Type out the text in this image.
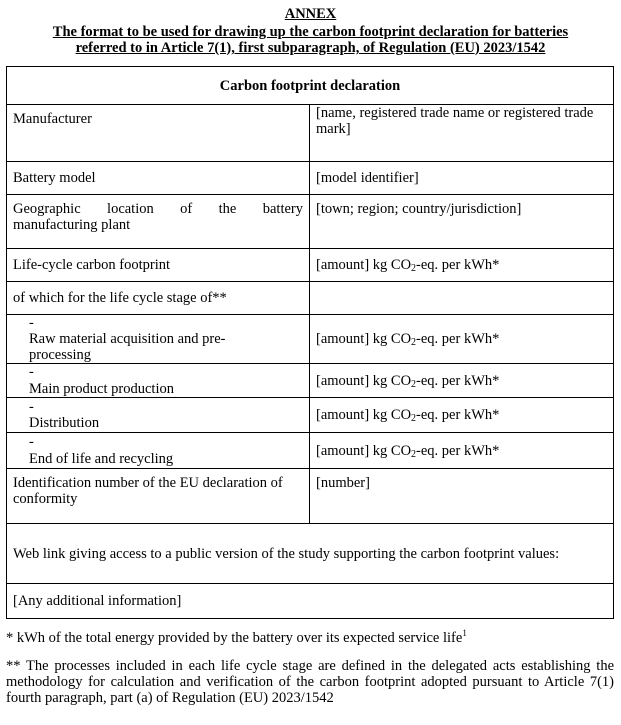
ANNEX
The format to be used for drawing up the carbon footprint declaration for batteries
referred to in Article 7(1), first subparagraph, of Regulation (EU) 2023/1542
Carbon footprint declaration	
Manufacturer	[name, registered trade name or registered trade mark]
Battery model	[model identifier]

Geographic location of the battery
manufacturing plant	[town; region; country/jurisdiction]
Life-cycle carbon footprint	[amount] kg $CO_2-eq$. per kWh*
of which for the life cycle stage of**	
-Raw material acquisition and pre-processing	[amount] kg $CO_2-eq$. per kWh*
-Main product production	[amount] kg $CO_2-eq$. per kWh*
-Distribution	[amount] kg $CO_2-eq$. per kWh*
-End of life and recycling	[amount] kg $CO_2-eq$. per kWh*
Identification number of the EU declaration of conformity	[number]
Web link giving access to a public version of the study supporting the carbon footprint values:	
[Any additional information]	
* kWh of the total energy provided by the battery over its expected service life$^1$
** The processes included in each life cycle stage are defined in the delegated acts establishing the methodology for calculation and verification of the carbon footprint adopted pursuant to Article 7(1) fourth paragraph, part (a) of Regulation (EU) 2023/1542
